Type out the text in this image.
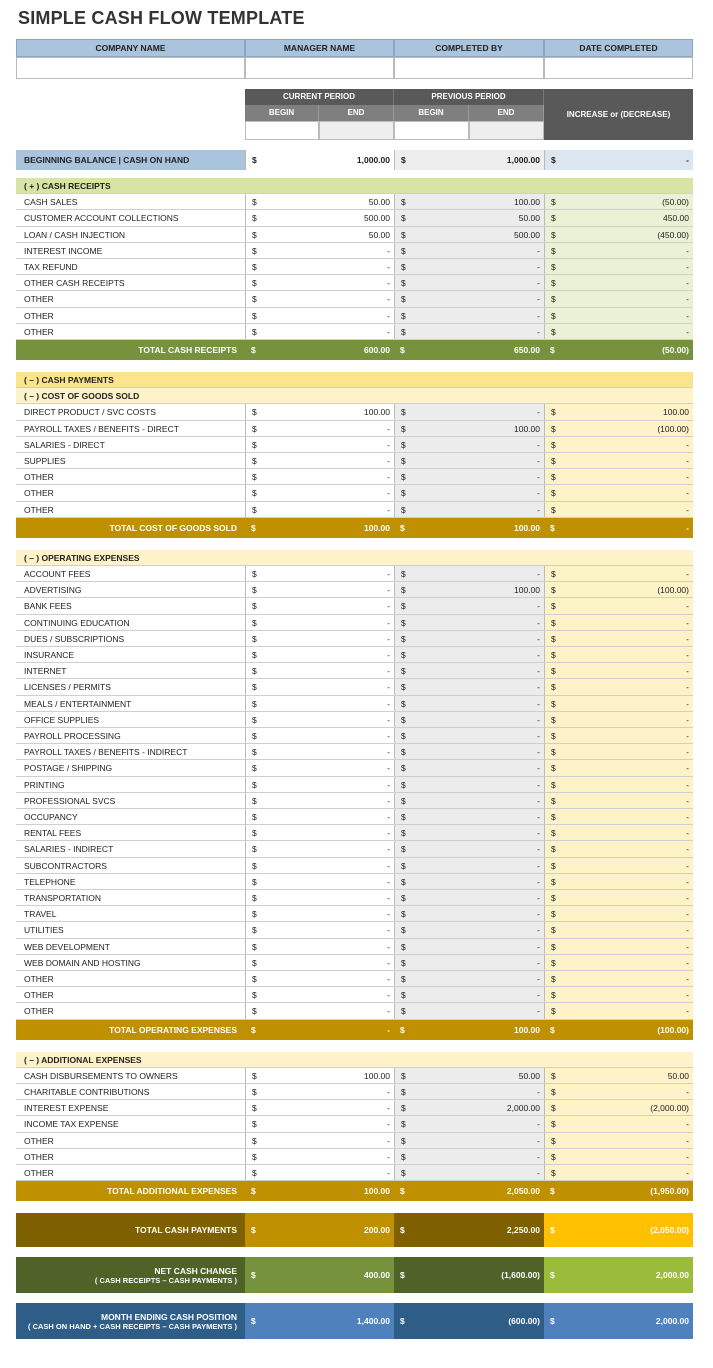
SIMPLE CASH FLOW TEMPLATE
COMPANY NAME	MANAGER NAME	COMPLETED BY	DATE COMPLETED
CURRENT PERIOD	PREVIOUS PERIOD
BEGIN	END	BEGIN	END	INCREASE or (DECREASE)
BEGINNING BALANCE | CASH ON HAND	$	1,000.00 $	1,000.00 $	-
( + ) CASH RECEIPTS
CASH SALES	$	50.00 $	100.00 $	(50.00)
CUSTOMER ACCOUNT COLLECTIONS	$	500.00 $	50.00 $	450.00
LOAN / CASH INJECTION	$	50.00 $	500.00 $	(450.00)
INTEREST INCOME	$	- $	- $	-
TAX REFUND	$	- $	- $	-
OTHER CASH RECEIPTS	$	- $	- $	-
OTHER	$	- $	- $	-
OTHER	$	- $	- $	-
OTHER	$	- $	- $	-
TOTAL CASH RECEIPTS	$	600.00 $	650.00 $	(50.00)
( – ) CASH PAYMENTS
( – ) COST OF GOODS SOLD
DIRECT PRODUCT / SVC COSTS	$	100.00 $	- $	100.00
PAYROLL TAXES / BENEFITS - DIRECT	$	- $	100.00 $	(100.00)
SALARIES - DIRECT	$	- $	- $	-
SUPPLIES	$	- $	- $	-
OTHER	$	- $	- $	-
OTHER	$	- $	- $	-
OTHER	$	- $	- $	-
TOTAL COST OF GOODS SOLD	$	100.00 $	100.00 $	-
( – ) OPERATING EXPENSES
ACCOUNT FEES	$	- $	- $	-
ADVERTISING	$	- $	100.00 $	(100.00)
BANK FEES	$	- $	- $	-
CONTINUING EDUCATION	$	- $	- $	-
DUES / SUBSCRIPTIONS	$	- $	- $	-
INSURANCE	$	- $	- $	-
INTERNET	$	- $	- $	-
LICENSES / PERMITS	$	- $	- $	-
MEALS / ENTERTAINMENT	$	- $	- $	-
OFFICE SUPPLIES	$	- $	- $	-
PAYROLL PROCESSING	$	- $	- $	-
PAYROLL TAXES / BENEFITS - INDIRECT	$	- $	- $	-
POSTAGE / SHIPPING	$	- $	- $	-
PRINTING	$	- $	- $	-
PROFESSIONAL SVCS	$	- $	- $	-
OCCUPANCY	$	- $	- $	-
RENTAL FEES	$	- $	- $	-
SALARIES - INDIRECT	$	- $	- $	-
SUBCONTRACTORS	$	- $	- $	-
TELEPHONE	$	- $	- $	-
TRANSPORTATION	$	- $	- $	-
TRAVEL	$	- $	- $	-
UTILITIES	$	- $	- $	-
WEB DEVELOPMENT	$	- $	- $	-
WEB DOMAIN AND HOSTING	$	- $	- $	-
OTHER	$	- $	- $	-
OTHER	$	- $	- $	-
OTHER	$	- $	- $	-
TOTAL OPERATING EXPENSES	$	- $	100.00 $	(100.00)
( – ) ADDITIONAL EXPENSES
CASH DISBURSEMENTS TO OWNERS	$	100.00 $	50.00 $	50.00
CHARITABLE CONTRIBUTIONS	$	- $	- $	-
INTEREST EXPENSE	$	- $	2,000.00 $	(2,000.00)
INCOME TAX EXPENSE	$	- $	- $	-
OTHER	$	- $	- $	-
OTHER	$	- $	- $	-
OTHER	$	- $	- $	-
TOTAL ADDITIONAL EXPENSES	$	100.00 $	2,050.00 $	(1,950.00)
TOTAL CASH PAYMENTS $	200.00 $	2,250.00 $	(2,050.00)
NET CASH CHANGE
( CASH RECEIPTS – CASH PAYMENTS ) $	400.00 $	(1,600.00) $	2,000.00
MONTH ENDING CASH POSITION
( CASH ON HAND + CASH RECEIPTS – CASH PAYMENTS ) $	1,400.00 $	(600.00) $	2,000.00
